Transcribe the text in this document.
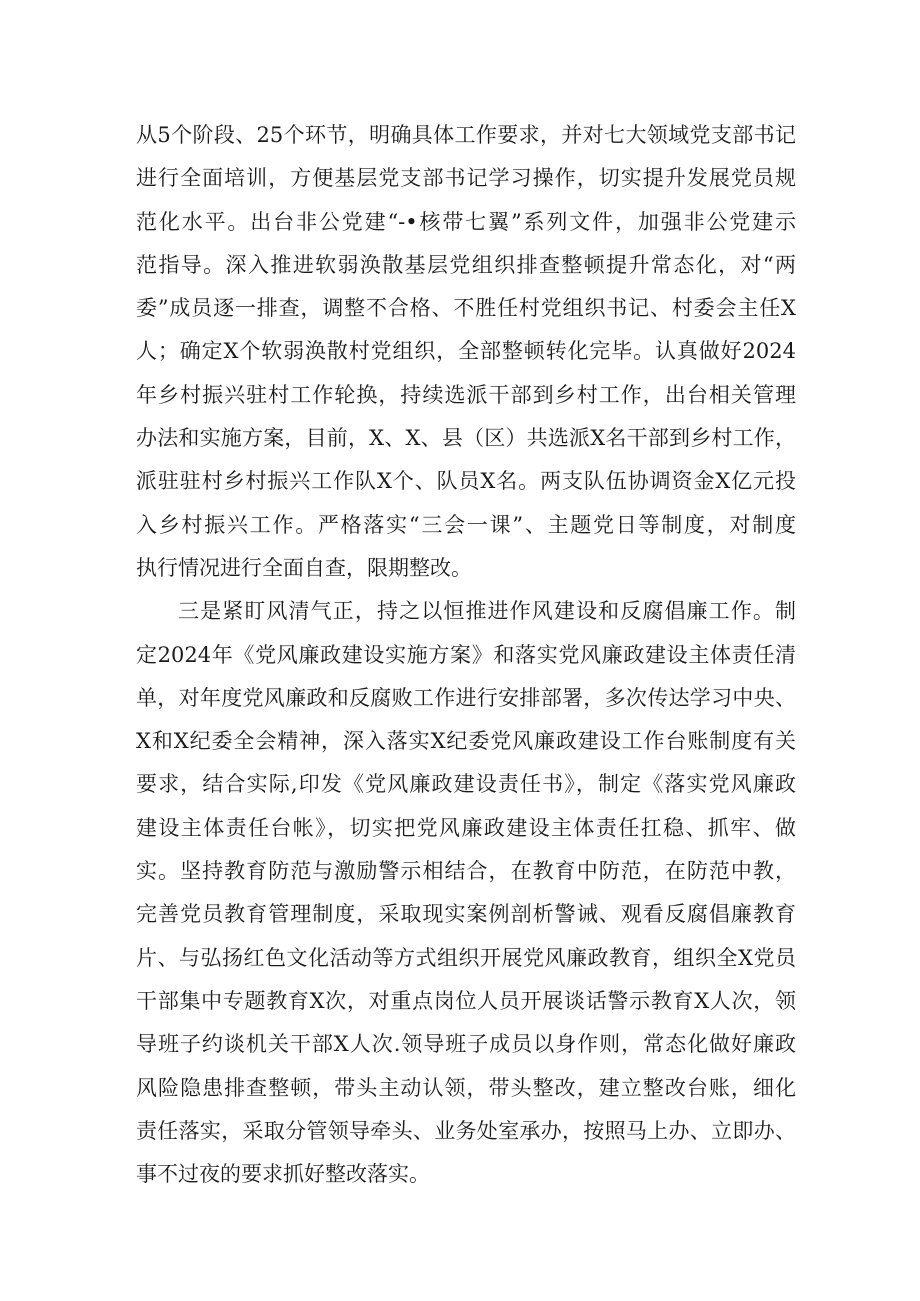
从5个阶段、25个环节，明确具体工作要求，并对七大领域党支部书记
进行全面培训，方便基层党支部书记学习操作，切实提升发展党员规
范化水平。出台非公党建“-•核带七翼”系列文件，加强非公党建示
范指导。深入推进软弱涣散基层党组织排查整顿提升常态化，对“两
委”成员逐一排查，调整不合格、不胜任村党组织书记、村委会主任X
人；确定X个软弱涣散村党组织，全部整顿转化完毕。认真做好2024
年乡村振兴驻村工作轮换，持续选派干部到乡村工作，出台相关管理
办法和实施方案，目前，X、X、县（区）共选派X名干部到乡村工作，
派驻驻村乡村振兴工作队X个、队员X名。两支队伍协调资金X亿元投
入乡村振兴工作。严格落实“三会一课”、主题党日等制度，对制度
执行情况进行全面自查，限期整改。
三是紧盯风清气正，持之以恒推进作风建设和反腐倡廉工作。制
定2024年《党风廉政建设实施方案》和落实党风廉政建设主体责任清
单，对年度党风廉政和反腐败工作进行安排部署，多次传达学习中央、
X和X纪委全会精神，深入落实X纪委党风廉政建设工作台账制度有关
要求，结合实际,印发《党风廉政建设责任书》，制定《落实党风廉政
建设主体责任台帐》，切实把党风廉政建设主体责任扛稳、抓牢、做
实。坚持教育防范与激励警示相结合，在教育中防范，在防范中教，
完善党员教育管理制度，采取现实案例剖析警诫、观看反腐倡廉教育
片、与弘扬红色文化活动等方式组织开展党风廉政教育，组织全X党员
干部集中专题教育X次，对重点岗位人员开展谈话警示教育X人次，领
导班子约谈机关干部X人次.领导班子成员以身作则，常态化做好廉政
风险隐患排查整顿，带头主动认领，带头整改，建立整改台账，细化
责任落实，采取分管领导牵头、业务处室承办，按照马上办、立即办、
事不过夜的要求抓好整改落实。
